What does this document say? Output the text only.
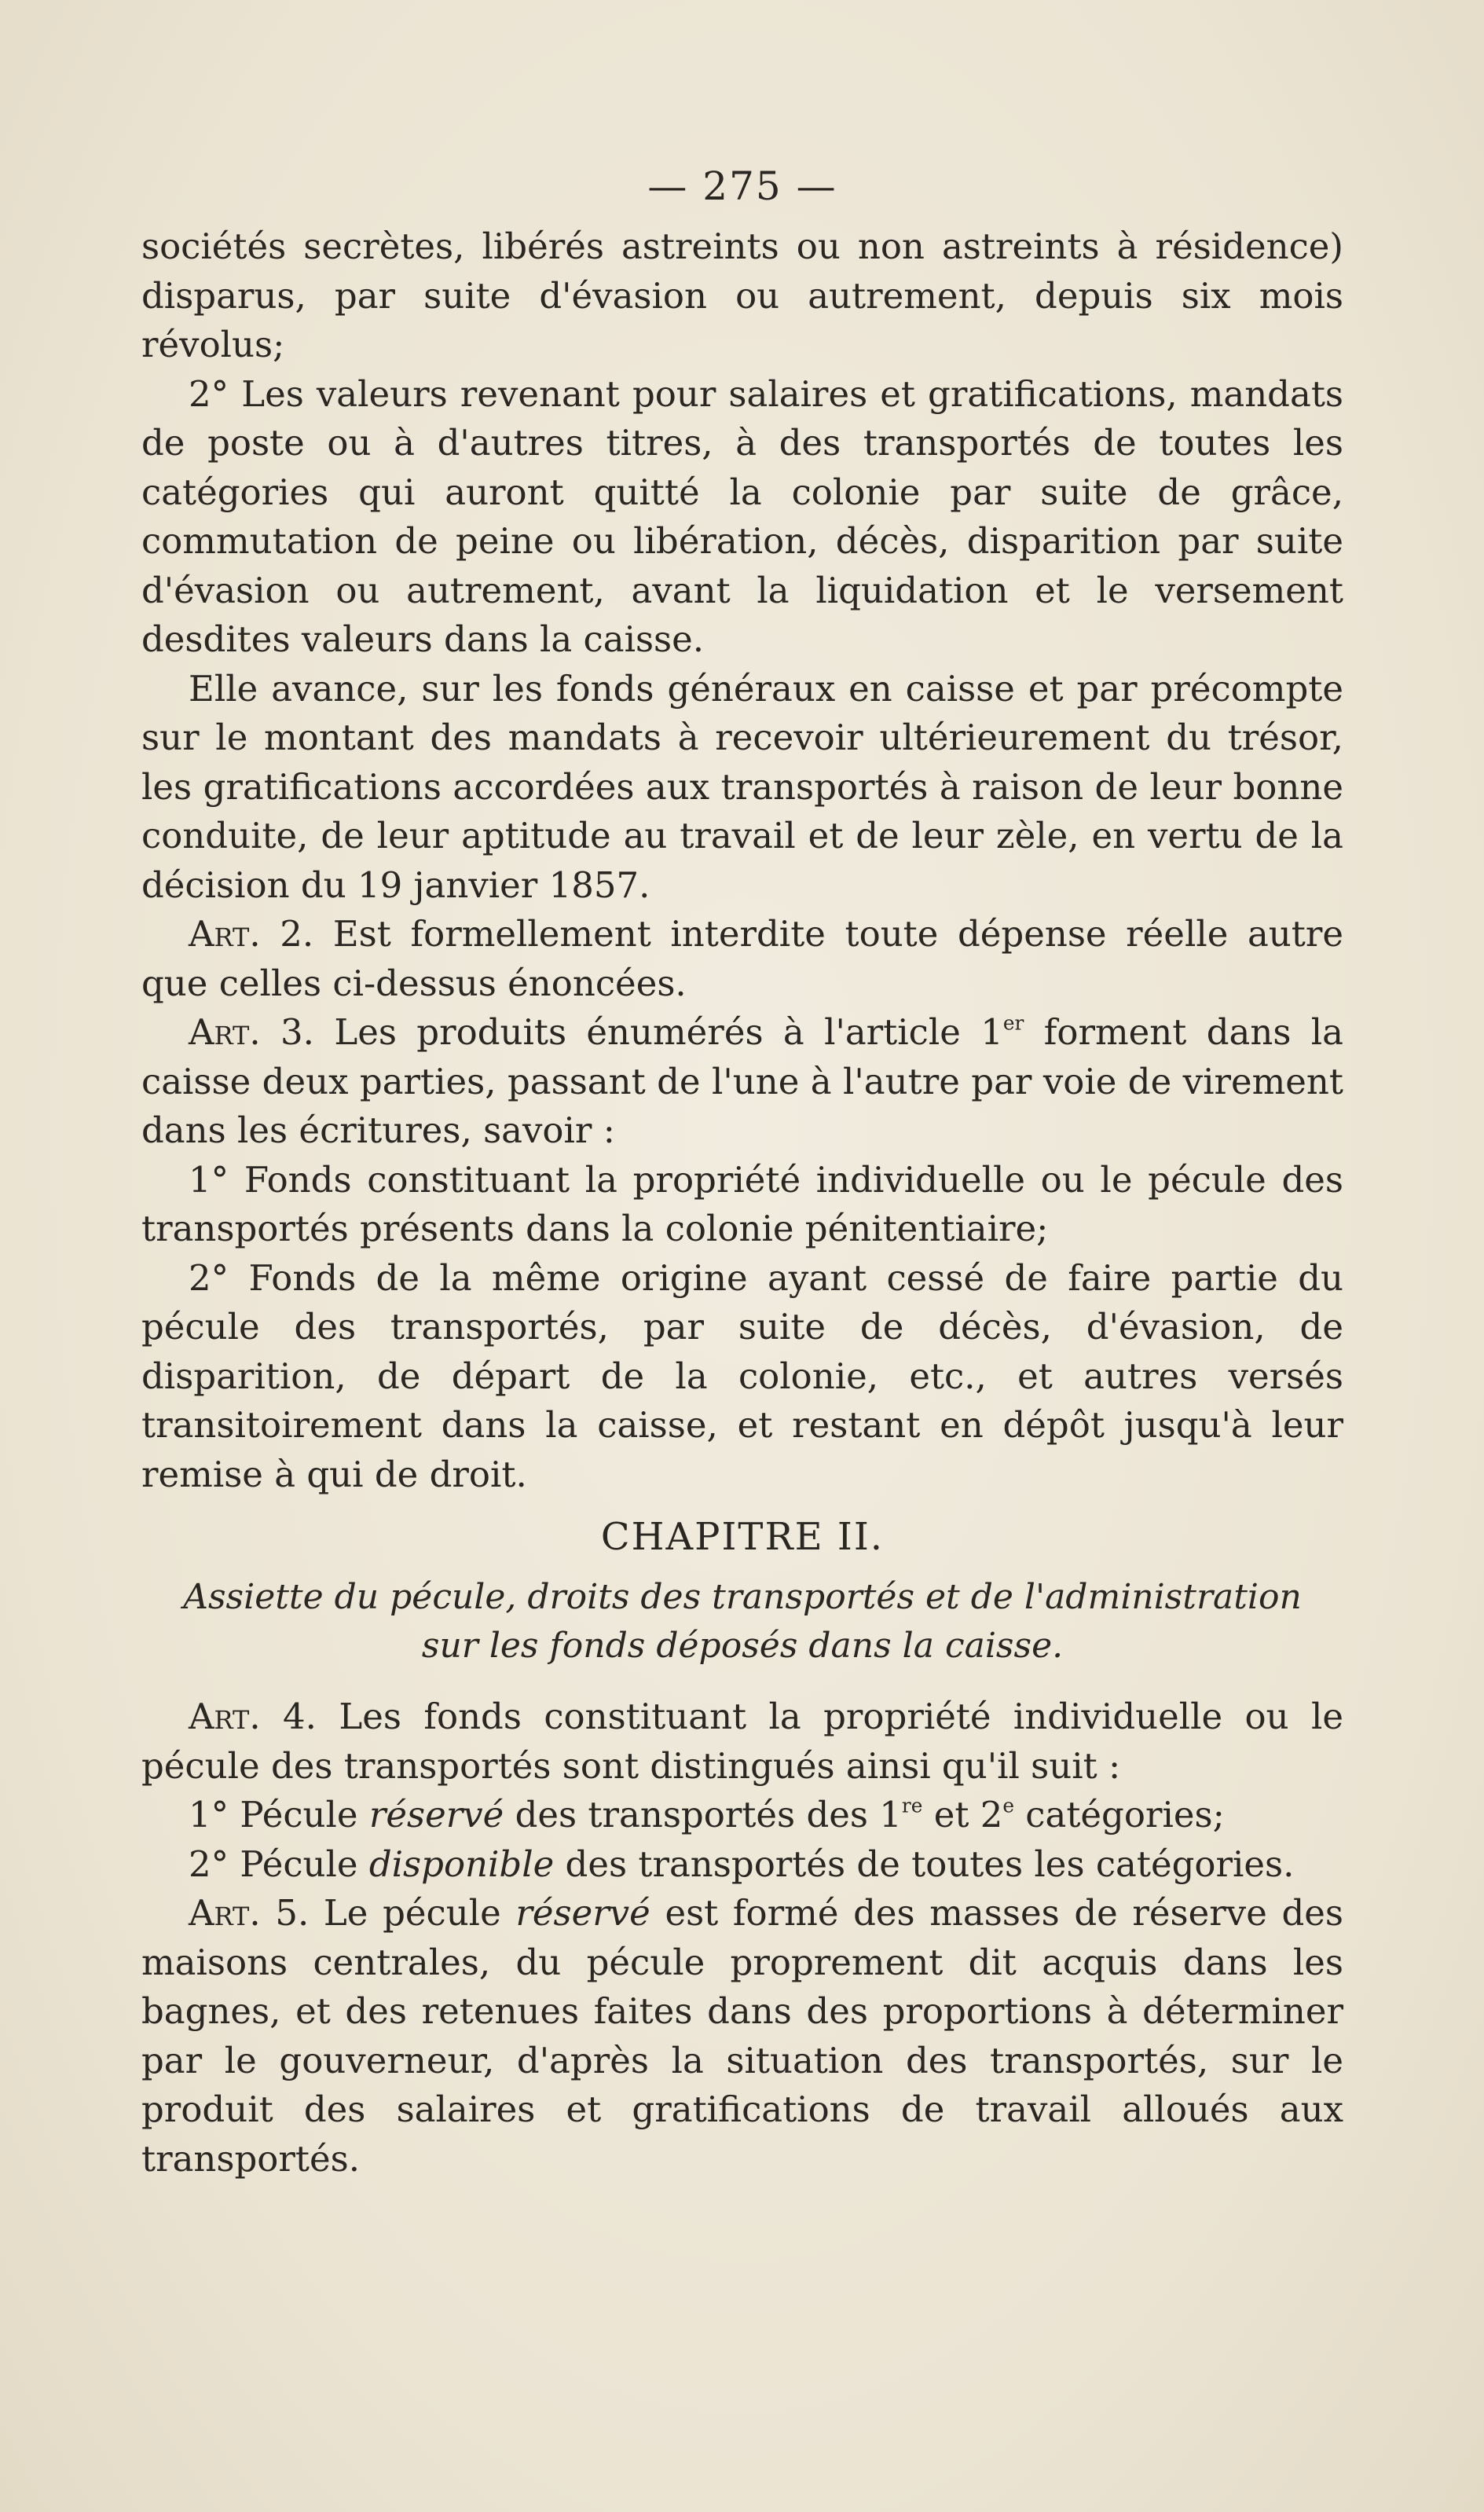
— 275 —

sociétés secrètes, libérés astreints ou non astreints à résidence) disparus, par suite d'évasion ou autrement, depuis six mois révolus;

2° Les valeurs revenant pour salaires et gratifications, mandats de poste ou à d'autres titres, à des transportés de toutes les catégories qui auront quitté la colonie par suite de grâce, commutation de peine ou libération, décès, disparition par suite d'évasion ou autrement, avant la liquidation et le versement desdites valeurs dans la caisse.

Elle avance, sur les fonds généraux en caisse et par précompte sur le montant des mandats à recevoir ultérieurement du trésor, les gratifications accordées aux transportés à raison de leur bonne conduite, de leur aptitude au travail et de leur zèle, en vertu de la décision du 19 janvier 1857.

Art. 2. Est formellement interdite toute dépense réelle autre que celles ci-dessus énoncées.

Art. 3. Les produits énumérés à l'article 1er forment dans la caisse deux parties, passant de l'une à l'autre par voie de virement dans les écritures, savoir :

1° Fonds constituant la propriété individuelle ou le pécule des transportés présents dans la colonie pénitentiaire;

2° Fonds de la même origine ayant cessé de faire partie du pécule des transportés, par suite de décès, d'évasion, de disparition, de départ de la colonie, etc., et autres versés transitoirement dans la caisse, et restant en dépôt jusqu'à leur remise à qui de droit.

CHAPITRE II.
Assiette du pécule, droits des transportés et de l'administration
sur les fonds déposés dans la caisse.

Art. 4. Les fonds constituant la propriété individuelle ou le pécule des transportés sont distingués ainsi qu'il suit :

1° Pécule réservé des transportés des 1re et 2e catégories;

2° Pécule disponible des transportés de toutes les catégories.

Art. 5. Le pécule réservé est formé des masses de réserve des maisons centrales, du pécule proprement dit acquis dans les bagnes, et des retenues faites dans des proportions à déterminer par le gouverneur, d'après la situation des transportés, sur le produit des salaires et gratifications de travail alloués aux transportés.
